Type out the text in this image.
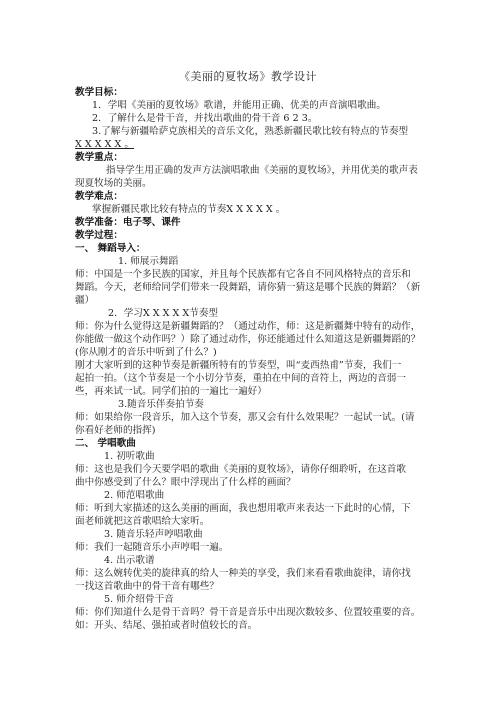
《美丽的夏牧场》教学设计
教学目标：
1．学唱《美丽的夏牧场》歌谱，并能用正确、优美的声音演唱歌曲。
2．了解什么是骨干音，并找出歌曲的骨干音 6 2 3。
3.了解与新疆哈萨克族相关的音乐文化，熟悉新疆民歌比较有特点的节奏型
X X X X X 。
教学重点：
指导学生用正确的发声方法演唱歌曲《美丽的夏牧场》，并用优美的歌声表
现夏牧场的美丽。
教学难点：
掌握新疆民歌比较有特点的节奏X X X X X 。
教学准备：电子琴、课件
教学过程：
一、 舞蹈导入：
1. 师展示舞蹈
师：中国是一个多民族的国家，并且每个民族都有它各自不同风格特点的音乐和
舞蹈。今天，老师给同学们带来一段舞蹈，请你猜一猜这是哪个民族的舞蹈？（新
疆）
2．学习X X X X X节奏型
师：你为什么觉得这是新疆舞蹈的？（通过动作，师：这是新疆舞中特有的动作，
你能做一做这个动作吗？）除了通过动作，你还能通过什么知道这是新疆舞蹈的？
(你从刚才的音乐中听到了什么？)
刚才大家听到的这种节奏是新疆所特有的节奏型，叫“麦西热甫”节奏，我们一
起拍一拍。（这个节奏是一个小切分节奏，重拍在中间的音符上，两边的音弱一
些，再来试一试。同学们拍的一遍比一遍好）
3.随音乐伴奏拍节奏
师：如果给你一段音乐，加入这个节奏，那又会有什么效果呢？一起试一试。(请
你看好老师的指挥)
二、 学唱歌曲
1. 初听歌曲
师：这也是我们今天要学唱的歌曲《美丽的夏牧场》，请你仔细聆听，在这首歌
曲中你感受到了什么？眼中浮现出了什么样的画面？
2. 师范唱歌曲
师：听到大家描述的这么美丽的画面，我也想用歌声来表达一下此时的心情，下
面老师就把这首歌唱给大家听。
3. 随音乐轻声哼唱歌曲
师：我们一起随音乐小声哼唱一遍。
4. 出示歌谱
师：这么婉转优美的旋律真的给人一种美的享受，我们来看看歌曲旋律，请你找
一找这首歌曲中的骨干音有哪些？
5. 师介绍骨干音
师：你们知道什么是骨干音吗？骨干音是音乐中出现次数较多、位置较重要的音。
如：开头、结尾、强拍或者时值较长的音。
